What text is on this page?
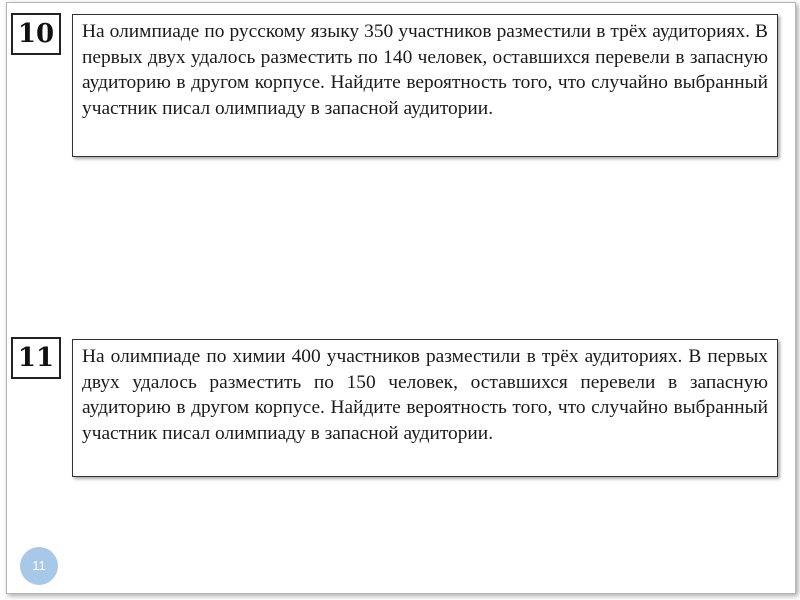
10	На олимпиаде по русскому языку 350 участников разместили в трёх аудиториях. В первых двух удалось разместить по 140 человек, оставшихся перевели в запасную аудиторию в другом корпусе. Найдите вероятность того, что случайно выбранный участник писал олимпиаду в запасной аудитории.
11	На олимпиаде по химии 400 участников разместили в трёх аудиториях. В первых двух удалось разместить по 150 человек, оставшихся перевели в запасную аудиторию в другом корпусе. Найдите вероятность того, что случайно выбранный участник писал олимпиаду в запасной аудитории.
11
